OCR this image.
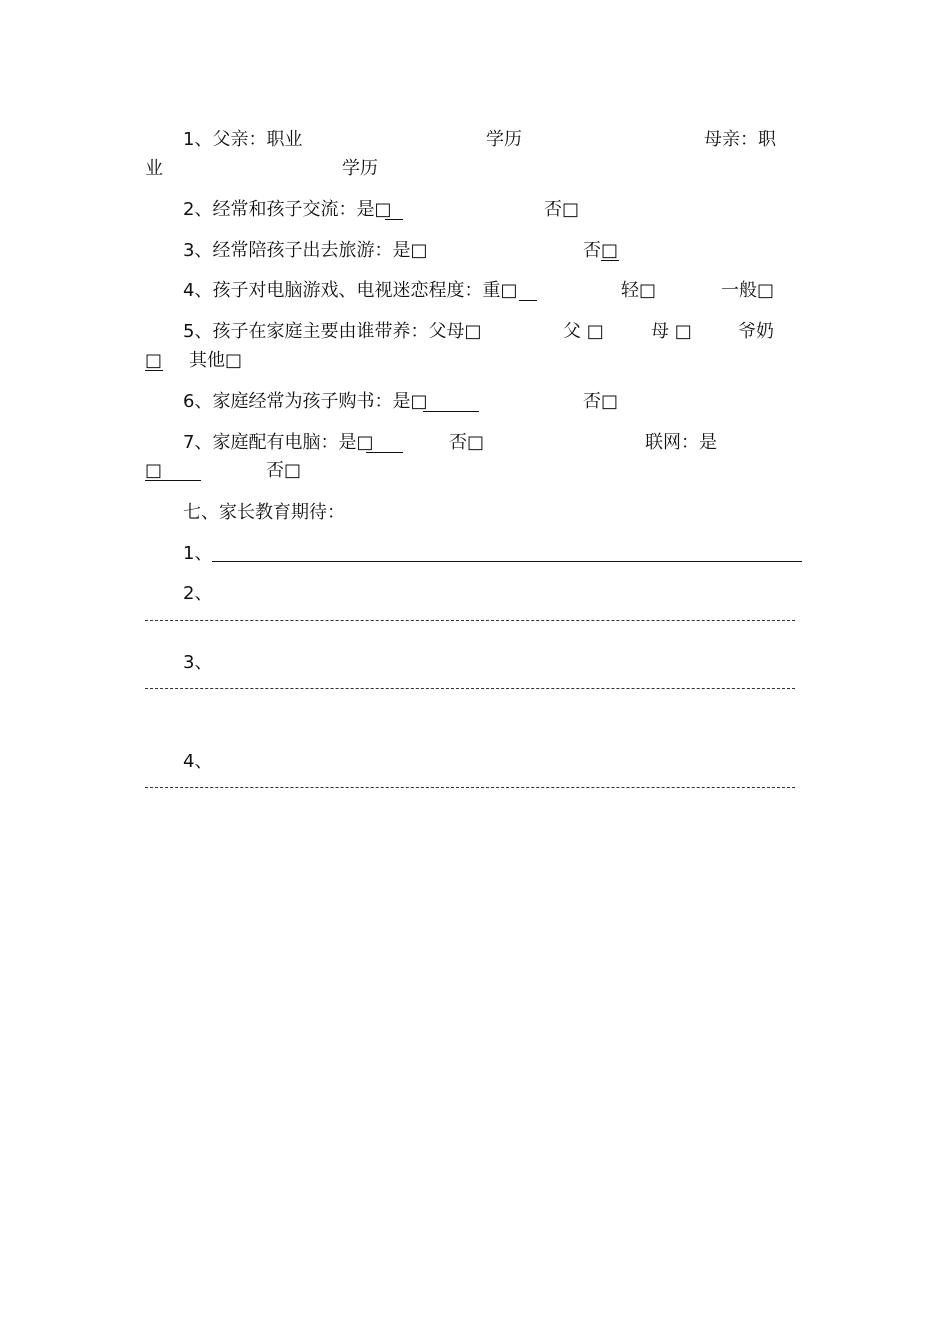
1、父亲：职业	学历	母亲：职
业	学历
2、经常和孩子交流：是□	否□
3、经常陪孩子出去旅游：是□	否□
4、孩子对电脑游戏、电视迷恋程度：重□	轻□	一般□
5、孩子在家庭主要由谁带养：父母□	父 □	母 □	爷奶
□ 其他□
6、家庭经常为孩子购书：是□	否□
7、家庭配有电脑：是□	否□	联网：是
□	否□
七、家长教育期待：
1、
2、
3、
4、
